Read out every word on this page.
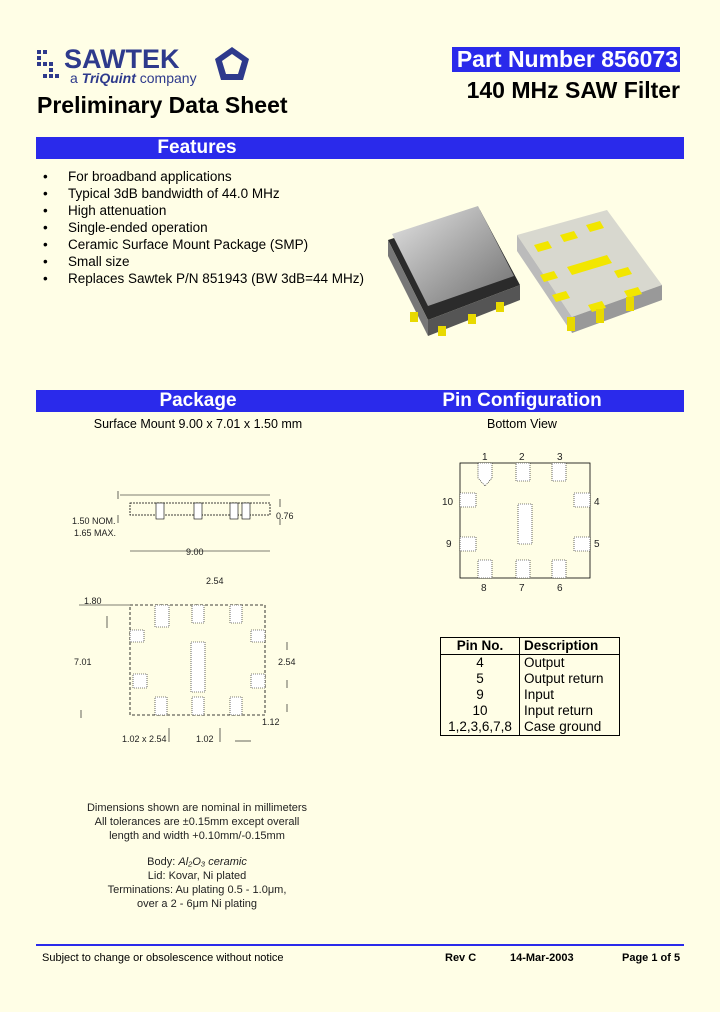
SAWTEK
a TriQuint company
Preliminary Data Sheet
Part Number 856073
140 MHz SAW Filter
Features
• For broadband applications
• Typical 3dB bandwidth of 44.0 MHz
• High attenuation
• Single-ended operation
• Ceramic Surface Mount Package (SMP)
• Small size
• Replaces Sawtek P/N 851943 (BW 3dB=44 MHz)
Package	Pin Configuration
Surface Mount 9.00 x 7.01 x 1.50 mm	Bottom View
1.50 NOM.
1.65 MAX.
0.76
9.00
2.54
1.80
7.01	2.54
1.12
1.02 x 2.54	1.02
1	2	3
4
5
6
7
8
9
10
Pin No.	Description
4	Output
5	Output return
9	Input
10	Input return
1,2,3,6,7,8	Case ground
Dimensions shown are nominal in millimeters
All tolerances are ±0.15mm except overall
length and width +0.10mm/-0.15mm
Body: Al₂O₃ ceramic
Lid: Kovar, Ni plated
Terminations: Au plating 0.5 - 1.0μm,
over a 2 - 6μm Ni plating
Subject to change or obsolescence without notice	Rev C	14-Mar-2003	Page 1 of 5
